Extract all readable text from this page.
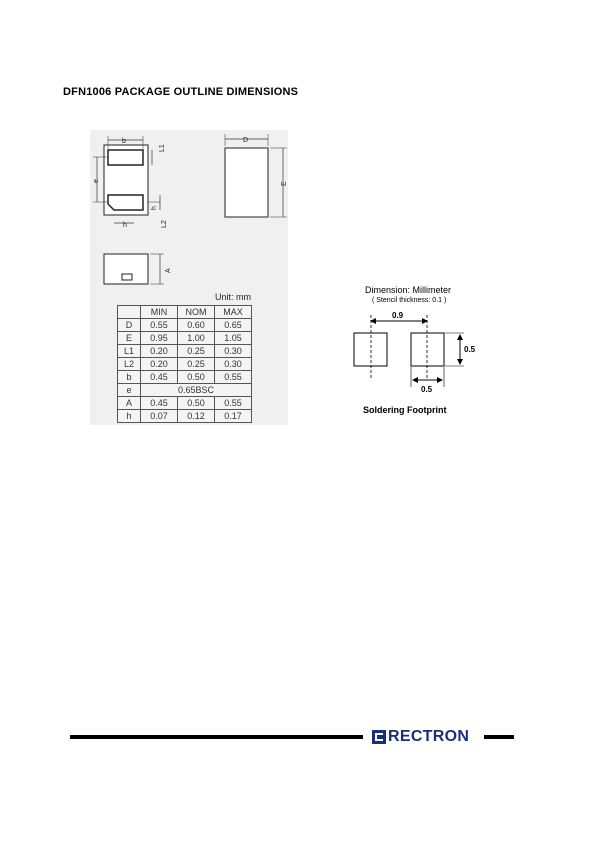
DFN1006 PACKAGE OUTLINE DIMENSIONS
b
L1
e
h
h	L2
D
E
A
Unit: mm
	MIN	NOM	MAX
D	0.55	0.60	0.65
E	0.95	1.00	1.05
L1	0.20	0.25	0.30
L2	0.20	0.25	0.30
b	0.45	0.50	0.55
e	0.65BSC		
A	0.45	0.50	0.55
h	0.07	0.12	0.17
Dimension: Millimeter
( Stencil thickness: 0.1 )
0.9
0.5
0.5
Soldering Footprint
RECTRON
